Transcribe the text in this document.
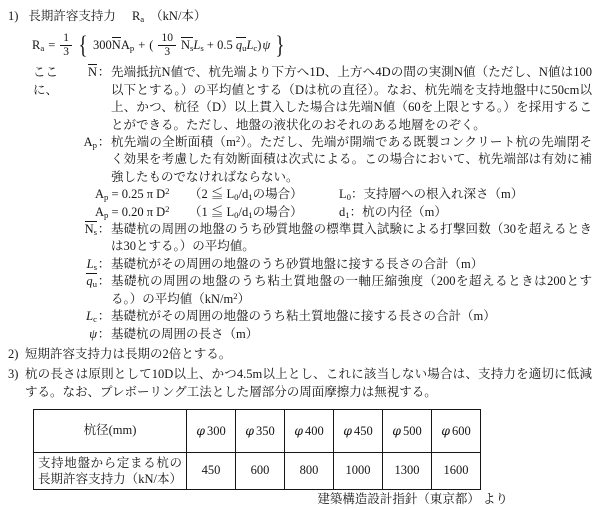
1) 長期許容支持力 $R_a$ （kN/本）
$R_a = \frac{1}{3}$ { $300NA_p$ + ( $\frac{10}{3} N_sL_s + 0.5$ $q_uL_c$ ) ψ }
ここに、
N ： 先端抵抗N値で、杭先端より下方へ1D、上方へ4Dの間の実測N値（ただし、N値は100以下とする。）の平均値とする（Dは杭の直径）。なお、杭先端を支持地盤中に50cm以上、かつ、杭径（D）以上貫入した場合は先端N値（60を上限とする。）を採用することができる。ただし、地盤の液状化のおそれのある地層をのぞく。
$A_p$ ： 杭先端の全断面積$(m^2)$。ただし、先端が開端である既製コンクリート杭の先端閉そく効果を考慮した有効断面積は次式による。この場合において、杭先端部は有効に補強したものでなければならない。
$A_p = 0.25$ π $D^2$	（2 ≦ $L_0/d_1$の場合）	$L_0$：支持層への根入れ深さ（m）
$A_p = 0.20$ π $D^2$	（1 ≦ $L_0/d_1$の場合）	$d_1$：杭の内径（m）
$N_s$ ： 基礎杭の周囲の地盤のうち砂質地盤の標準貫入試験による打撃回数（30を超えるときは30とする。）の平均値。
$L_s$ ： 基礎杭がその周囲の地盤のうち砂質地盤に接する長さの合計（m）
$q_u$ ： 基礎杭の周囲の地盤のうち粘土質地盤の一軸圧縮強度（200を超えるときは200とする。）の平均値$(kN/m^2)$
$L_c$ ： 基礎杭がその周囲の地盤のうち粘土質地盤に接する長さの合計（m）
ψ ： 基礎杭の周囲の長さ（m）
2) 短期許容支持力は長期の2倍とする。
3) 杭の長さは原則として10D以上、かつ4.5m以上とし、これに該当しない場合は、支持力を適切に低減する。なお、プレボーリング工法とした層部分の周面摩擦力は無視する。
杭径(mm)	φ 300	φ 350	φ 400	φ 450	φ 500	φ 600

支持地盤から定まる杭の
長期許容支持力（kN/本）	450	600	800	1000	1300	1600
建築構造設計指針（東京都） より
